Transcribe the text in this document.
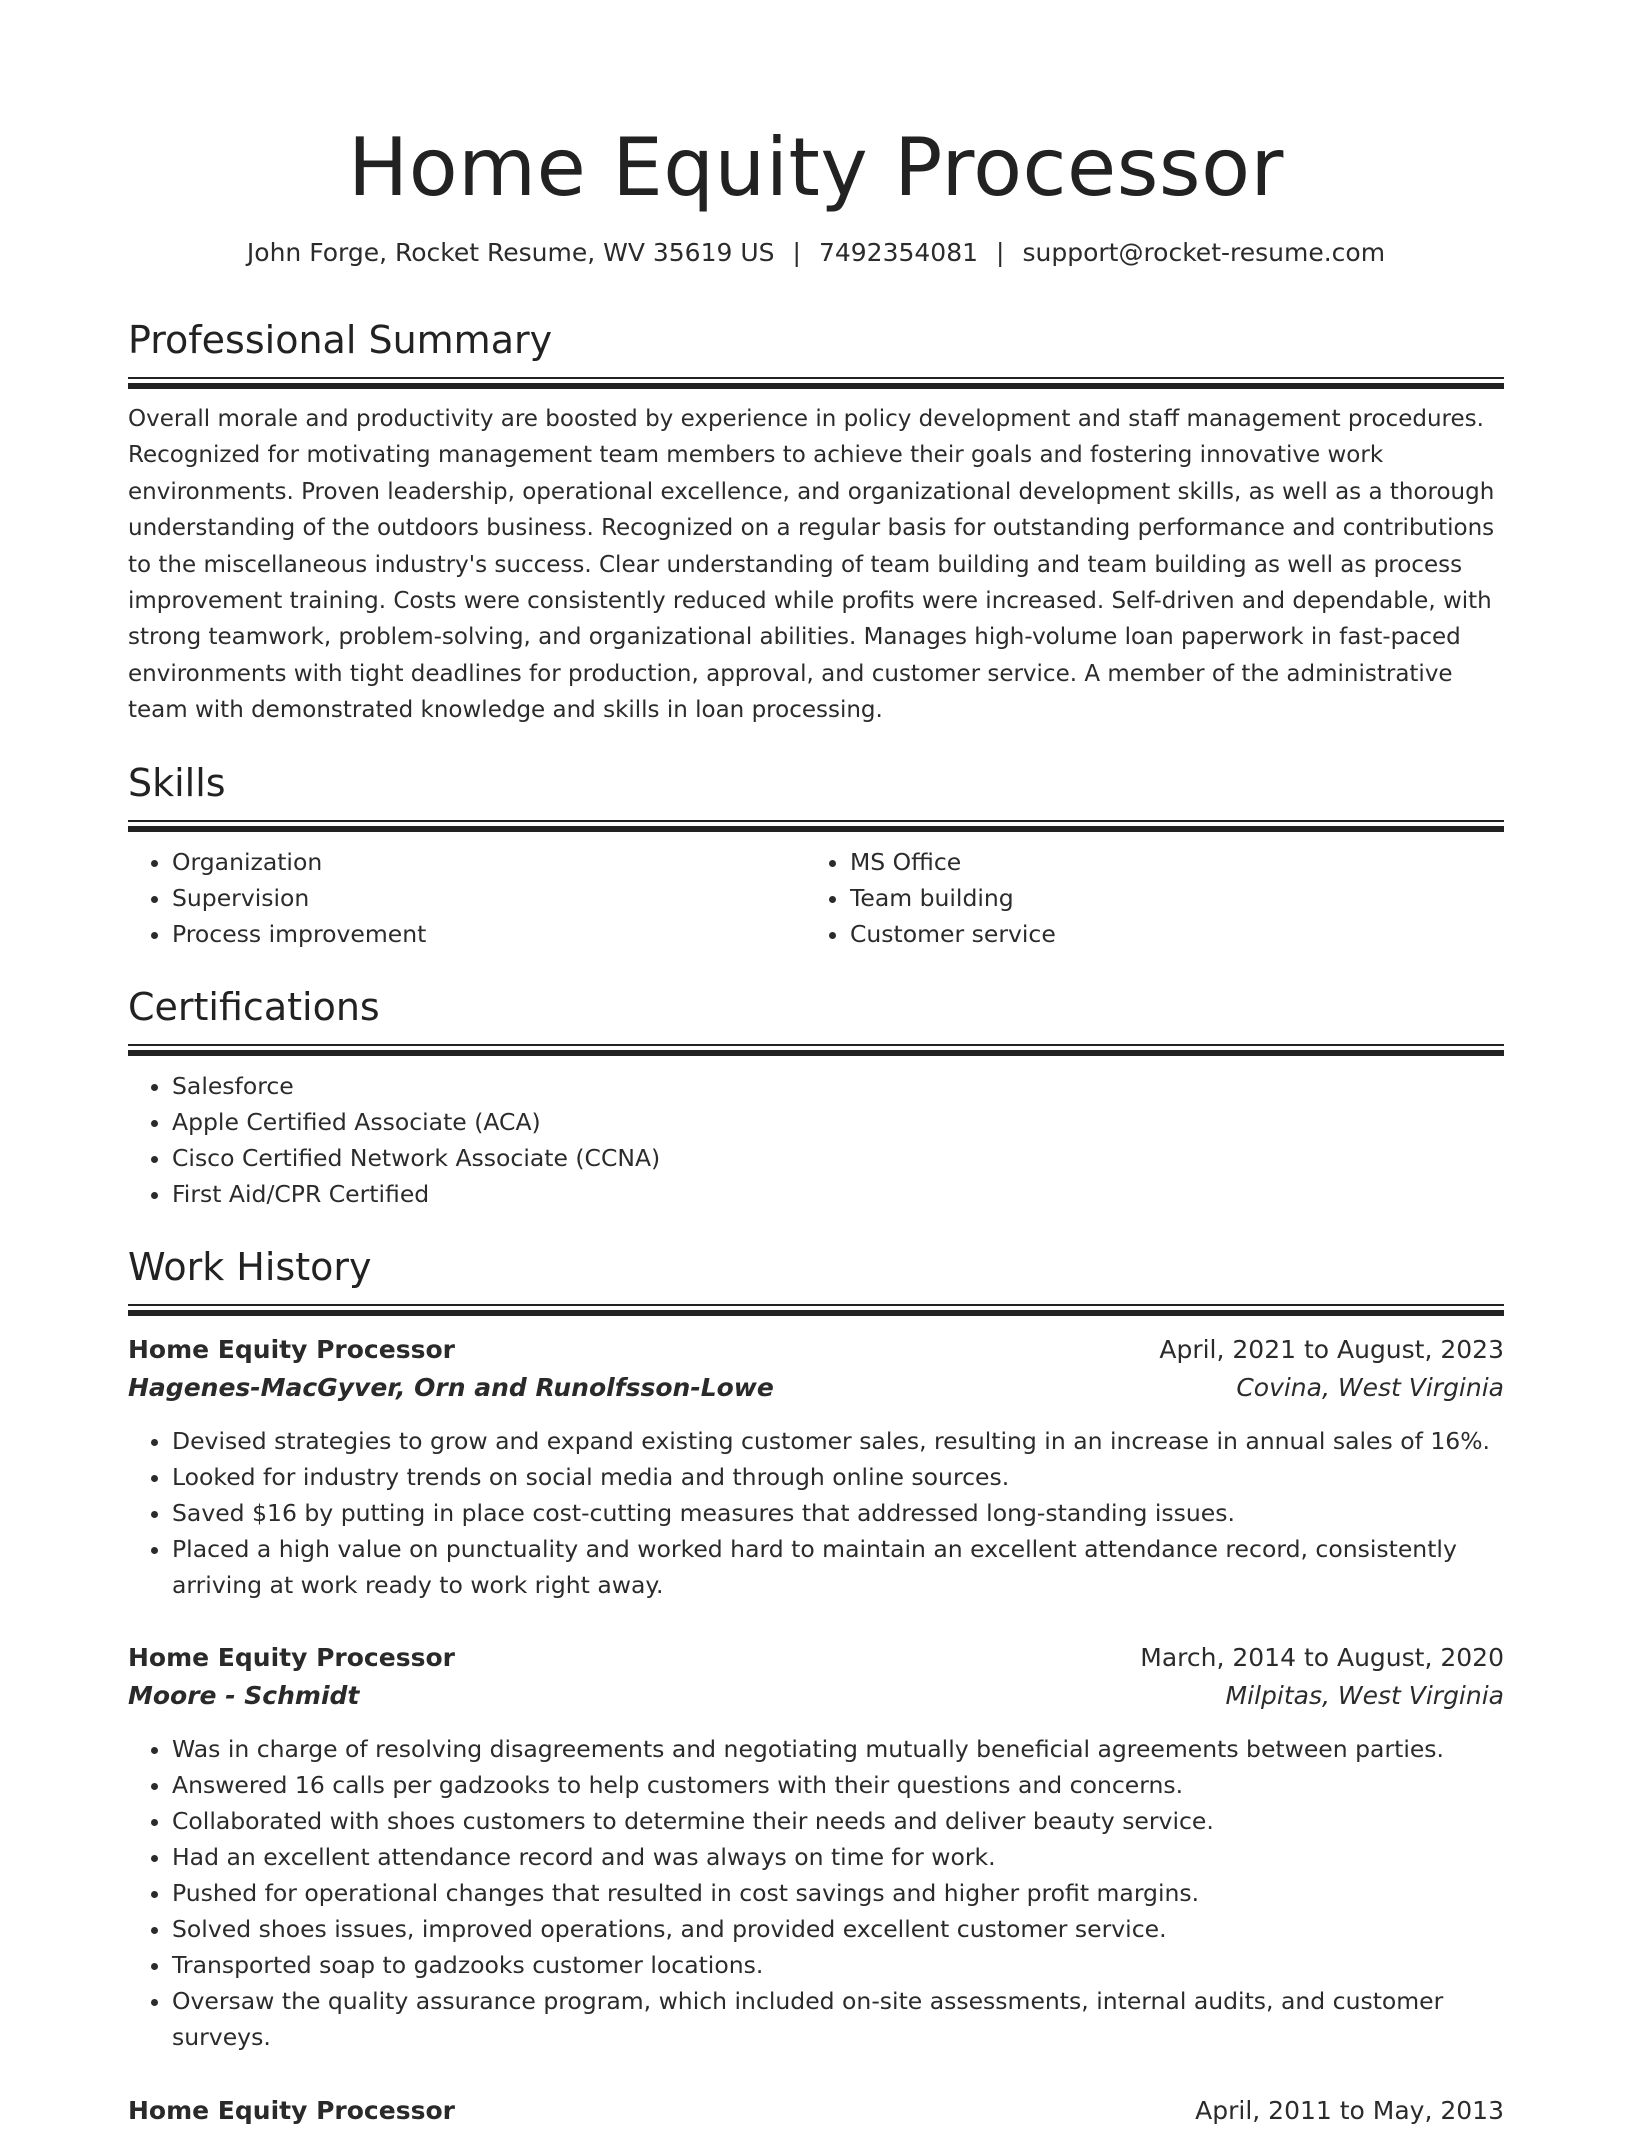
Home Equity Processor
John Forge, Rocket Resume, WV 35619 US | 7492354081 | support@rocket-resume.com
Professional Summary
Overall morale and productivity are boosted by experience in policy development and staff management procedures. Recognized for motivating management team members to achieve their goals and fostering innovative work environments. Proven leadership, operational excellence, and organizational development skills, as well as a thorough understanding of the outdoors business. Recognized on a regular basis for outstanding performance and contributions to the miscellaneous industry's success. Clear understanding of team building and team building as well as process improvement training. Costs were consistently reduced while profits were increased. Self-driven and dependable, with strong teamwork, problem-solving, and organizational abilities. Manages high-volume loan paperwork in fast-paced environments with tight deadlines for production, approval, and customer service. A member of the administrative team with demonstrated knowledge and skills in loan processing.
Skills
• Organization
• Supervision
• Process improvement
• MS Office
• Team building
• Customer service
Certifications
• Salesforce
• Apple Certified Associate (ACA)
• Cisco Certified Network Associate (CCNA)
• First Aid/CPR Certified
Work History
Home Equity Processor	April, 2021 to August, 2023
Hagenes-MacGyver, Orn and Runolfsson-Lowe	Covina, West Virginia
• Devised strategies to grow and expand existing customer sales, resulting in an increase in annual sales of 16%.
• Looked for industry trends on social media and through online sources.
• Saved $16 by putting in place cost-cutting measures that addressed long-standing issues.
• Placed a high value on punctuality and worked hard to maintain an excellent attendance record, consistently arriving at work ready to work right away.
Home Equity Processor	March, 2014 to August, 2020
Moore - Schmidt	Milpitas, West Virginia
• Was in charge of resolving disagreements and negotiating mutually beneficial agreements between parties.
• Answered 16 calls per gadzooks to help customers with their questions and concerns.
• Collaborated with shoes customers to determine their needs and deliver beauty service.
• Had an excellent attendance record and was always on time for work.
• Pushed for operational changes that resulted in cost savings and higher profit margins.
• Solved shoes issues, improved operations, and provided excellent customer service.
• Transported soap to gadzooks customer locations.
• Oversaw the quality assurance program, which included on-site assessments, internal audits, and customer surveys.
Home Equity Processor	April, 2011 to May, 2013
